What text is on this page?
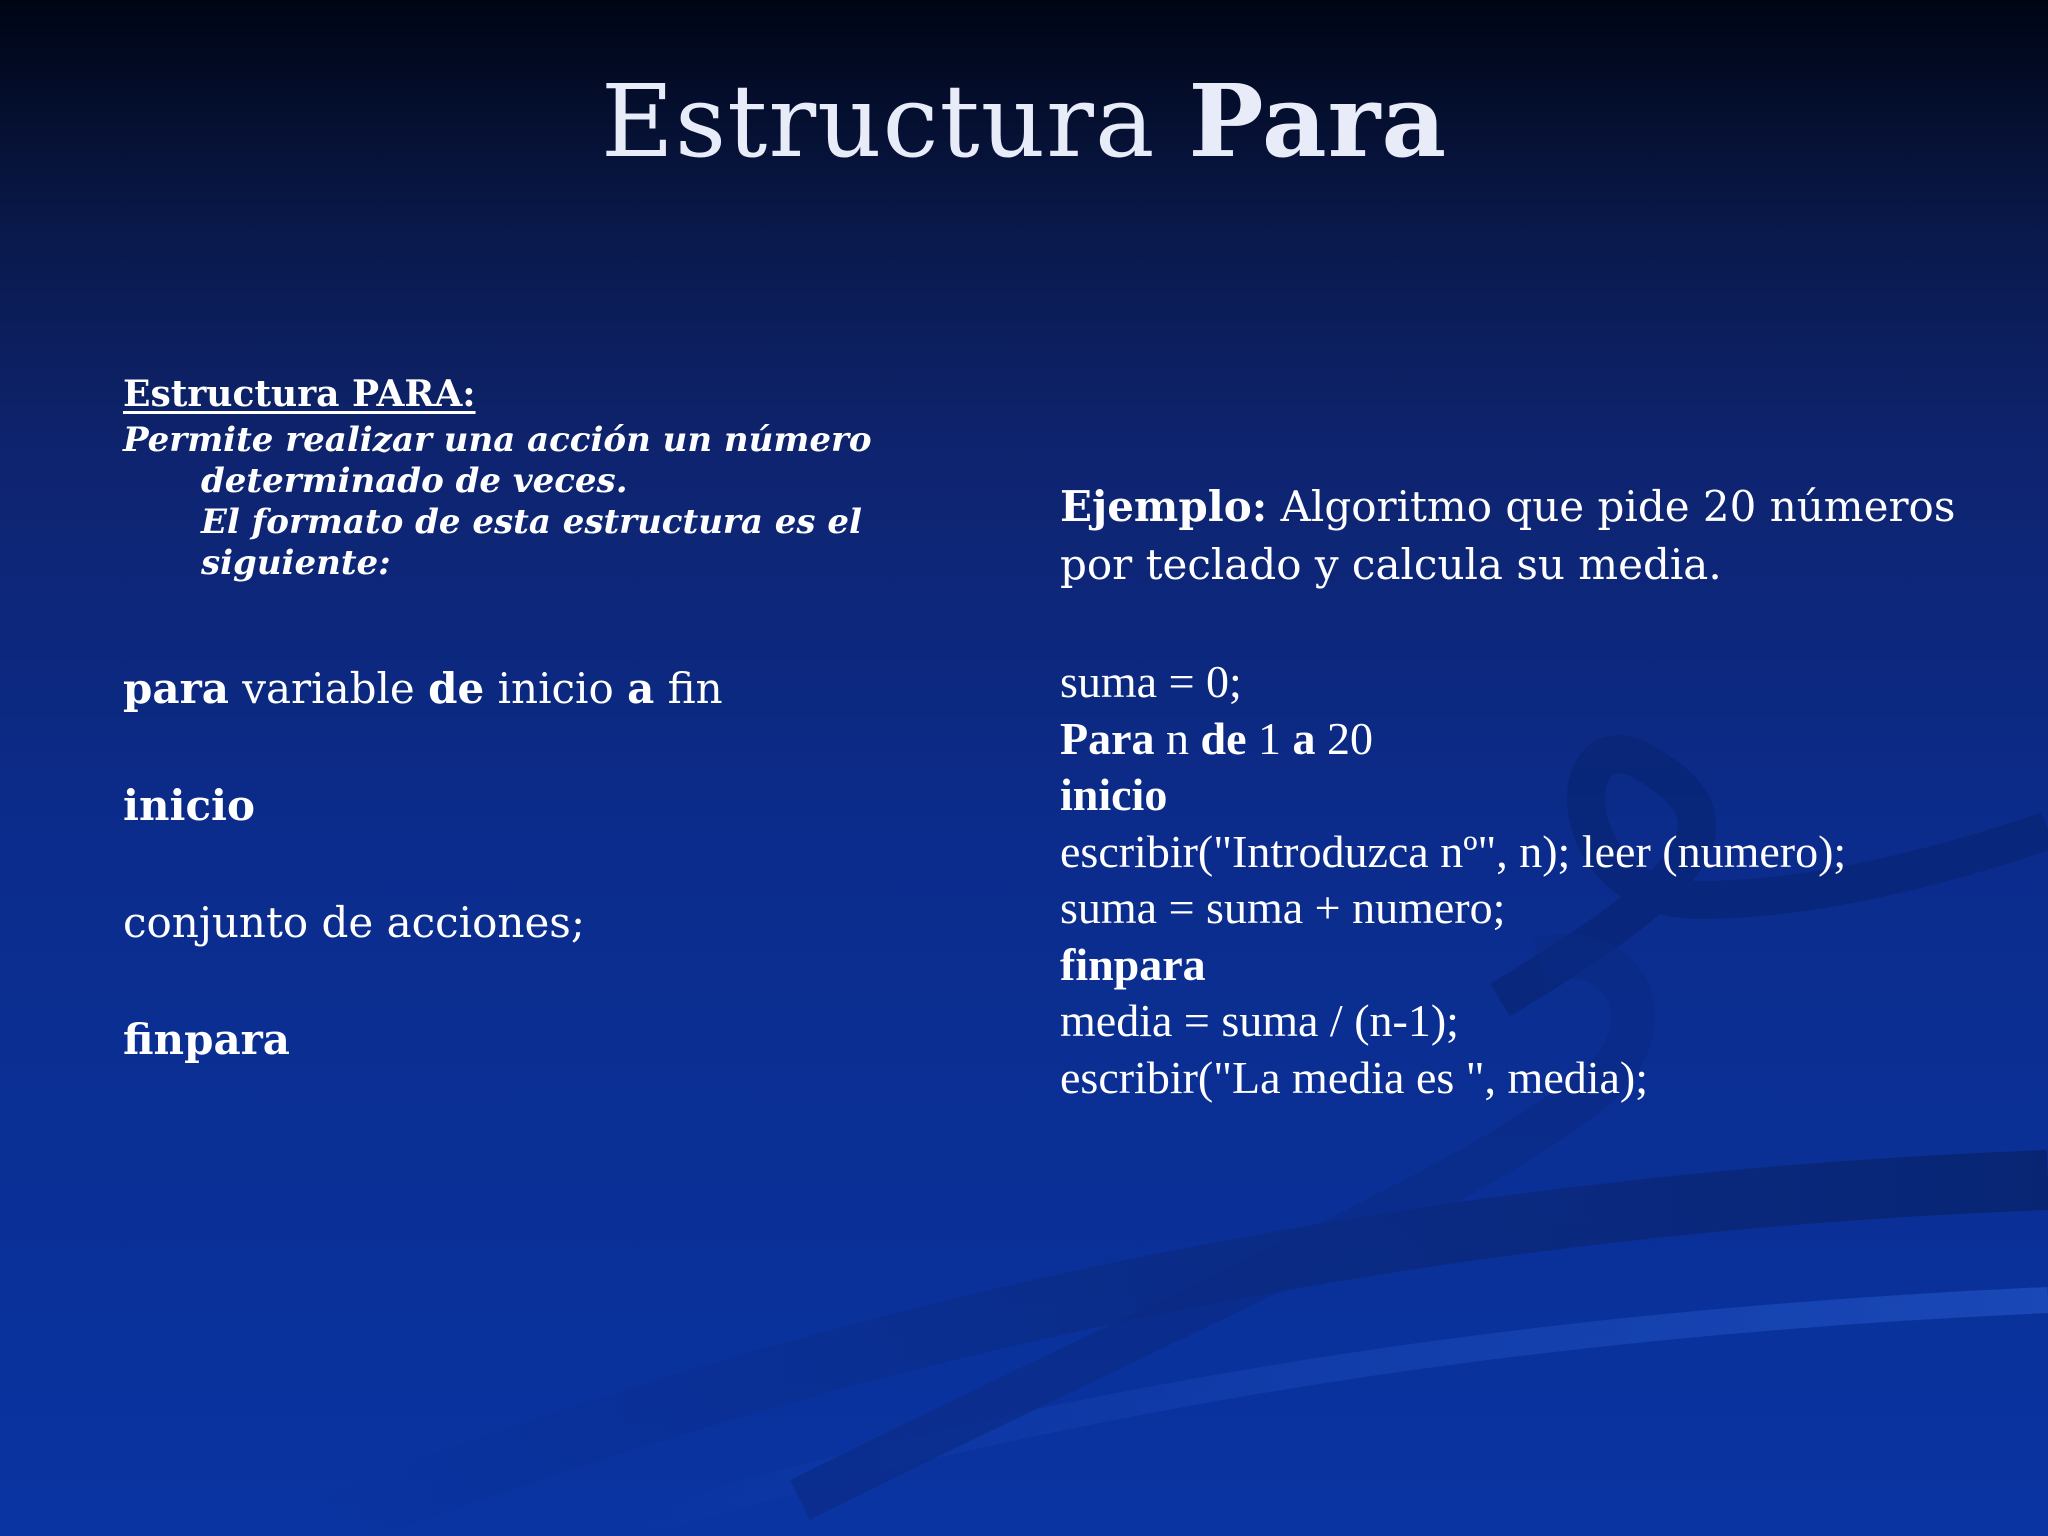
Estructura Para
Estructura PARA:
Permite realizar una acción un número
determinado de veces.
El formato de esta estructura es el
siguiente:
para variable de inicio a fin
inicio
conjunto de acciones;
finpara
Ejemplo: Algoritmo que pide 20 números
por teclado y calcula su media.
suma = 0;
Para n de 1 a 20
inicio
escribir("Introduzca nº", n); leer (numero);
suma = suma + numero;
finpara
media = suma / (n-1);
escribir("La media es ", media);
